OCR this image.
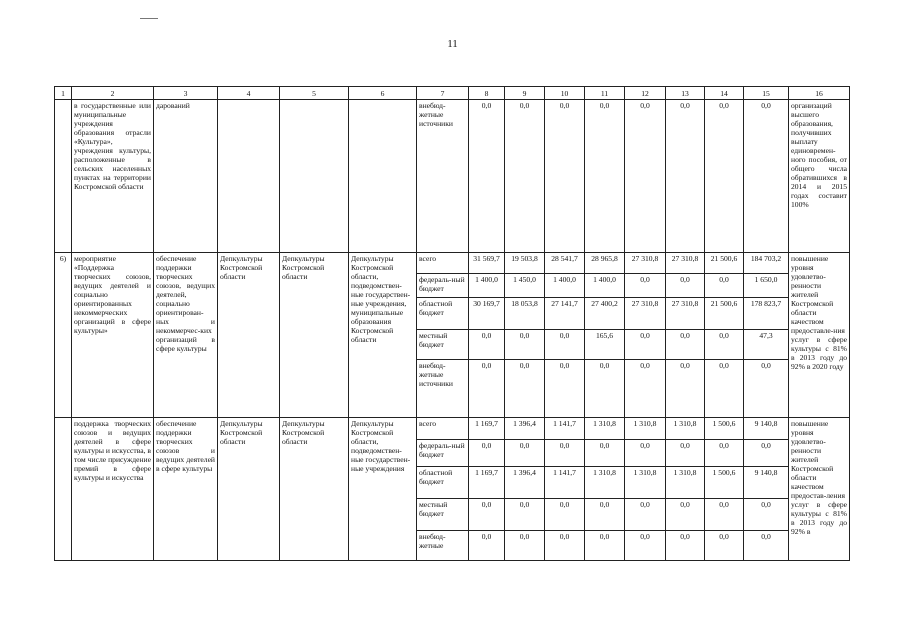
11
1	2	3	4	5	6	7	8	9	10	11	12	13	14	15	16
	в государственные или муниципальные учреждения образования отрасли «Культура», учреждения культуры, расположенные в сельских населенных пунктах на территории Костромской области	дарований				внебюд-жетные источники	0,0	0,0	0,0	0,0	0,0	0,0	0,0	0,0	организаций высшего образования, получивших выплату единовремен-ного пособия, от общего числа обратившихся в 2014 и 2015 годах составит 100%
6)	мероприятие «Поддержка творческих союзов, ведущих деятелей и социально ориентированных некоммерческих организаций в сфере культуры»	обеспечение поддержки творческих союзов, ведущих деятелей, социально ориентирован-ных и некоммерчес-ких организаций в сфере культуры	Депкультуры Костромской области	Депкультуры Костромской области	Депкультуры Костромской области, подведомствен-ные государствен-ные учреждения, муниципальные образования Костромской области	всего	31 569,7	19 503,8	28 541,7	28 965,8	27 310,8	27 310,8	21 500,6	184 703,2	повышение уровня удовлетво-ренности жителей Костромской области качеством предоставле-ния услуг в сфере культуры с 81% в 2013 году до 92% в 2020 году
						федераль-ный бюджет	1 400,0	1 450,0	1 400,0	1 400,0	0,0	0,0	0,0	1 650,0	
						областной бюджет	30 169,7	18 053,8	27 141,7	27 400,2	27 310,8	27 310,8	21 500,6	178 823,7	
						местный бюджет	0,0	0,0	0,0	165,6	0,0	0,0	0,0	47,3	
						внебюд-жетные источники	0,0	0,0	0,0	0,0	0,0	0,0	0,0	0,0	
	поддержка творческих союзов и ведущих деятелей в сфере культуры и искусства, в том числе присуждение премий в сфере культуры и искусства	обеспечение поддержки творческих союзов и ведущих деятелей в сфере культуры	Депкультуры Костромской области	Депкультуры Костромской области	Депкультуры Костромской области, подведомствен-ные государствен-ные учреждения	всего	1 169,7	1 396,4	1 141,7	1 310,8	1 310,8	1 310,8	1 500,6	9 140,8	повышение уровня удовлетво-ренности жителей Костромской области качеством предостав-ления услуг в сфере культуры с 81% в 2013 году до 92% в
						федераль-ный бюджет	0,0	0,0	0,0	0,0	0,0	0,0	0,0	0,0	
						областной бюджет	1 169,7	1 396,4	1 141,7	1 310,8	1 310,8	1 310,8	1 500,6	9 140,8	
						местный бюджет	0,0	0,0	0,0	0,0	0,0	0,0	0,0	0,0	
						внебюд-жетные	0,0	0,0	0,0	0,0	0,0	0,0	0,0	0,0	
